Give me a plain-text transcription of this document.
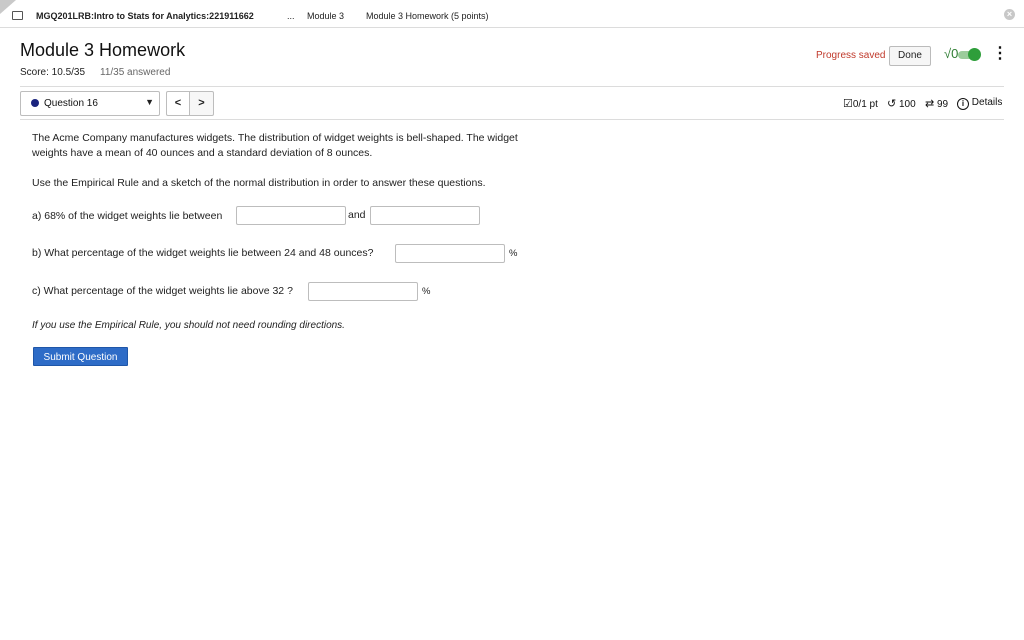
MGQ201LRB:Intro to Stats for Analytics:221911662	... Module 3 Module 3 Homework (5 points)	×
Module 3 Homework
Score: 10.5/35 11/35 answered
Progress saved	Done	√0 ⋮
Question 16	▼	<	>	☑0/1 pt ↺ 100 ⇄ 99	i Details
The Acme Company manufactures widgets. The distribution of widget weights is bell-shaped. The widget weights have a mean of 40 ounces and a standard deviation of 8 ounces.
Use the Empirical Rule and a sketch of the normal distribution in order to answer these questions.
a) 68% of the widget weights lie between	and
b) What percentage of the widget weights lie between 24 and 48 ounces?	%
c) What percentage of the widget weights lie above 32 ?	%
If you use the Empirical Rule, you should not need rounding directions.
Submit Question
